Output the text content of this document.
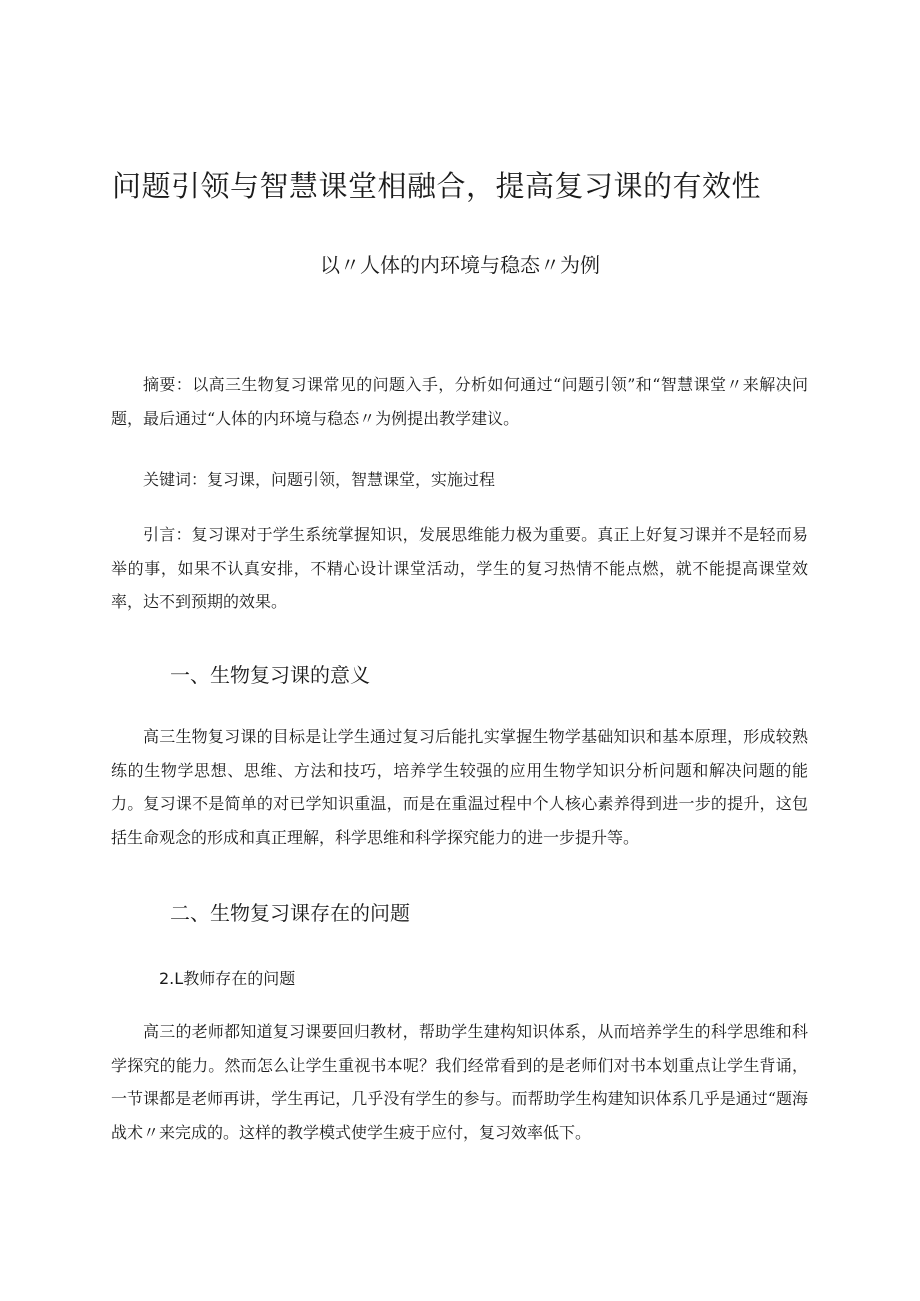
问题引领与智慧课堂相融合，提高复习课的有效性
以〃人体的内环境与稳态〃为例

摘要：以高三生物复习课常见的问题入手，分析如何通过“问题引领”和“智慧课堂〃来解决问题，最后通过“人体的内环境与稳态〃为例提出教学建议。

关键词：复习课，问题引领，智慧课堂，实施过程

引言：复习课对于学生系统掌握知识，发展思维能力极为重要。真正上好复习课并不是轻而易举的事，如果不认真安排，不精心设计课堂活动，学生的复习热情不能点燃，就不能提高课堂效率，达不到预期的效果。

一、生物复习课的意义

高三生物复习课的目标是让学生通过复习后能扎实掌握生物学基础知识和基本原理，形成较熟练的生物学思想、思维、方法和技巧，培养学生较强的应用生物学知识分析问题和解决问题的能力。复习课不是简单的对已学知识重温，而是在重温过程中个人核心素养得到进一步的提升，这包括生命观念的形成和真正理解，科学思维和科学探究能力的进一步提升等。

二、生物复习课存在的问题
2.L教师存在的问题

高三的老师都知道复习课要回归教材，帮助学生建构知识体系，从而培养学生的科学思维和科学探究的能力。然而怎么让学生重视书本呢？我们经常看到的是老师们对书本划重点让学生背诵，一节课都是老师再讲，学生再记，几乎没有学生的参与。而帮助学生构建知识体系几乎是通过“题海战术〃来完成的。这样的教学模式使学生疲于应付，复习效率低下。
